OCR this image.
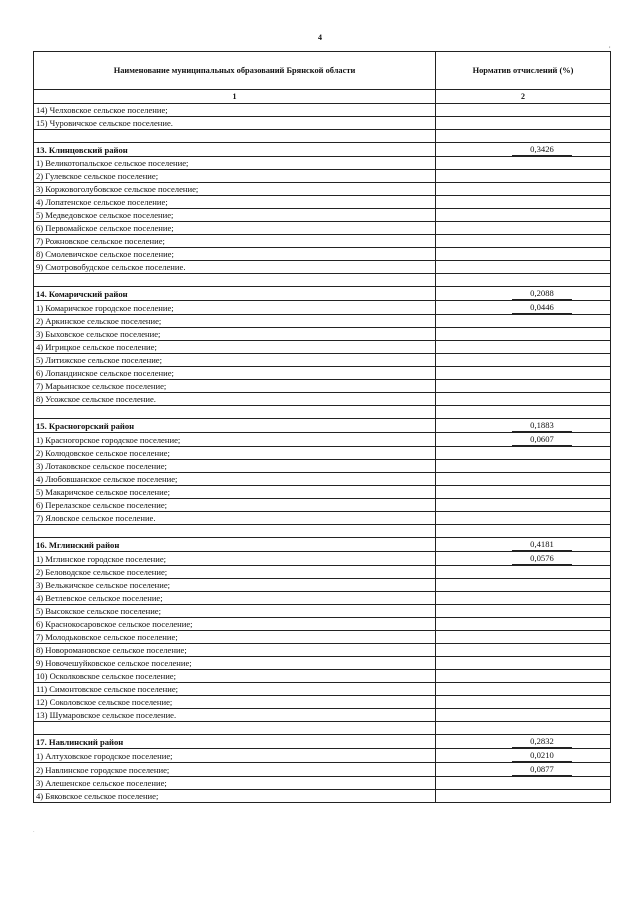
4
,
Наименование муниципальных образований Брянской области	Норматив отчислений (%)
1	2
14) Челховское сельское поселение;	
15) Чуровичское сельское поселение.	

13. Клинцовский район	0,3426
1) Великотопальское сельское поселение;	
2) Гулевское сельское поселение;	
3) Коржовоголубовское сельское поселение;	
4) Лопатенское сельское поселение;	
5) Медведовское сельское поселение;	
6) Первомайское сельское поселение;	
7) Рожновское сельское поселение;	
8) Смолевичское сельское поселение;	
9) Смотровобудское сельское поселение.	

14. Комаричский район	0,2088
1) Комаричское городское поселение;	0,0446
2) Аркинское сельское поселение;	
3) Быховское сельское поселение;	
4) Игрицкое сельское поселение;	
5) Литижское сельское поселение;	
6) Лопандинское сельское поселение;	
7) Марьинское сельское поселение;	
8) Усожское сельское поселение.	

15. Красногорский район	0,1883
1) Красногорское городское поселение;	0,0607
2) Колюдовское сельское поселение;	
3) Лотаковское сельское поселение;	
4) Любовшанское сельское поселение;	
5) Макаричское сельское поселение;	
6) Перелазское сельское поселение;	
7) Яловское сельское поселение.	

16. Мглинский район	0,4181
1) Мглинское городское поселение;	0,0576
2) Беловодское сельское поселение;	
3) Вельжичское сельское поселение;	
4) Ветлевское сельское поселение;	
5) Высокское сельское поселение;	
6) Краснокосаровское сельское поселение;	
7) Молодьковское сельское поселение;	
8) Новоромановское сельское поселение;	
9) Новочешуйковское сельское поселение;	
10) Осколковское сельское поселение;	
11) Симонтовское сельское поселение;	
12) Соколовское сельское поселение;	
13) Шумаровское сельское поселение.	

17. Навлинский район	0,2832
1) Алтуховское городское поселение;	0,0210
2) Навлинское городское поселение;	0,0877
3) Алешенское сельское поселение;	
4) Бяковское сельское поселение;	
·
